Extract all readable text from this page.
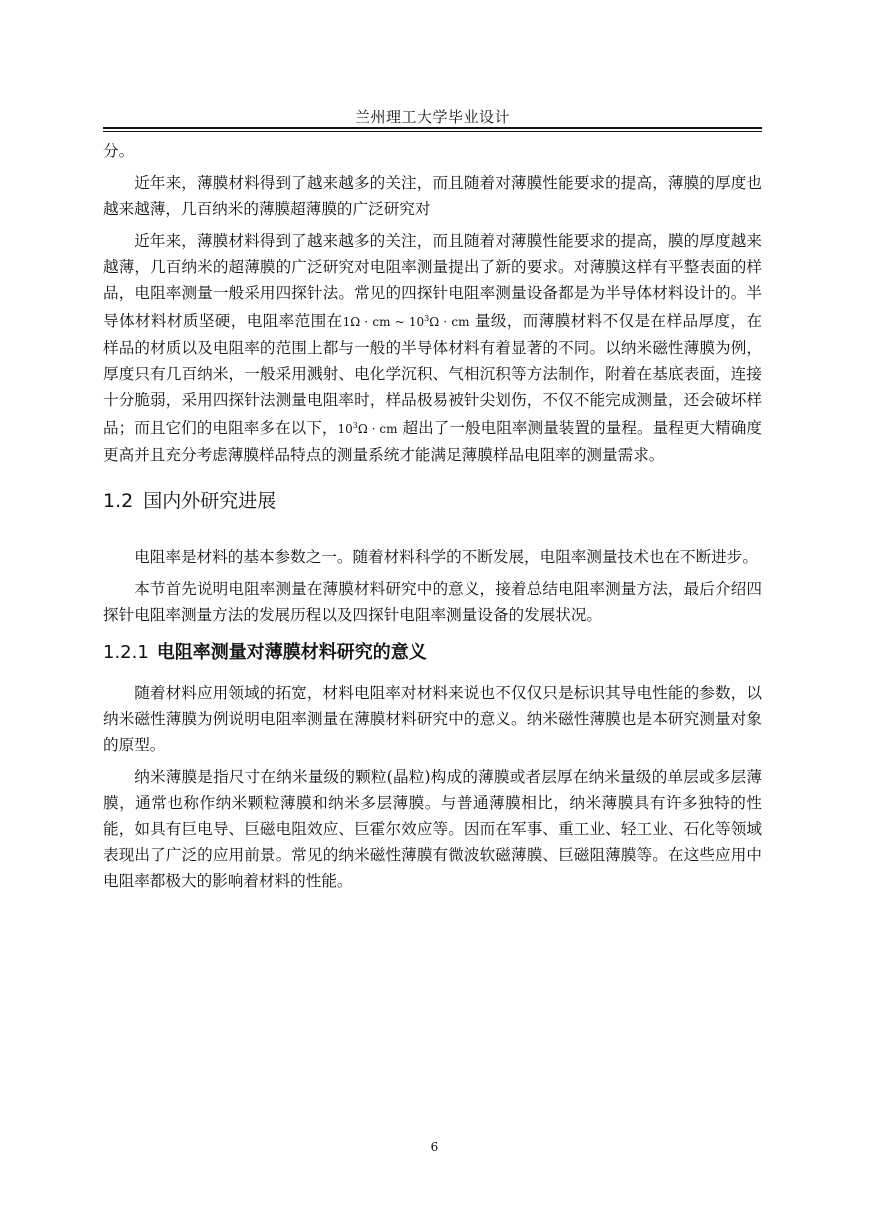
兰州理工大学毕业设计

分。

近年来，薄膜材料得到了越来越多的关注，而且随着对薄膜性能要求的提高，薄膜的厚度也越来越薄，几百纳米的薄膜超薄膜的广泛研究对

近年来，薄膜材料得到了越来越多的关注，而且随着对薄膜性能要求的提高，膜的厚度越来越薄，几百纳米的超薄膜的广泛研究对电阻率测量提出了新的要求。对薄膜这样有平整表面的样品，电阻率测量一般采用四探针法。常见的四探针电阻率测量设备都是为半导体材料设计的。半导体材料材质坚硬，电阻率范围在1Ω · cm ~ $10^3\Omega$ · cm 量级，而薄膜材料不仅是在样品厚度，在样品的材质以及电阻率的范围上都与一般的半导体材料有着显著的不同。以纳米磁性薄膜为例，厚度只有几百纳米，一般采用溅射、电化学沉积、气相沉积等方法制作，附着在基底表面，连接十分脆弱，采用四探针法测量电阻率时，样品极易被针尖划伤，不仅不能完成测量，还会破坏样品；而且它们的电阻率多在以下，$10^3\Omega$ · cm 超出了一般电阻率测量装置的量程。量程更大精确度更高并且充分考虑薄膜样品特点的测量系统才能满足薄膜样品电阻率的测量需求。

1.2 国内外研究进展

电阻率是材料的基本参数之一。随着材料科学的不断发展，电阻率测量技术也在不断进步。

本节首先说明电阻率测量在薄膜材料研究中的意义，接着总结电阻率测量方法，最后介绍四探针电阻率测量方法的发展历程以及四探针电阻率测量设备的发展状况。

1.2.1 电阻率测量对薄膜材料研究的意义

随着材料应用领域的拓宽，材料电阻率对材料来说也不仅仅只是标识其导电性能的参数，以纳米磁性薄膜为例说明电阻率测量在薄膜材料研究中的意义。纳米磁性薄膜也是本研究测量对象的原型。

纳米薄膜是指尺寸在纳米量级的颗粒(晶粒)构成的薄膜或者层厚在纳米量级的单层或多层薄膜，通常也称作纳米颗粒薄膜和纳米多层薄膜。与普通薄膜相比，纳米薄膜具有许多独特的性能，如具有巨电导、巨磁电阻效应、巨霍尔效应等。因而在军事、重工业、轻工业、石化等领域表现出了广泛的应用前景。常见的纳米磁性薄膜有微波软磁薄膜、巨磁阻薄膜等。在这些应用中电阻率都极大的影响着材料的性能。

6
